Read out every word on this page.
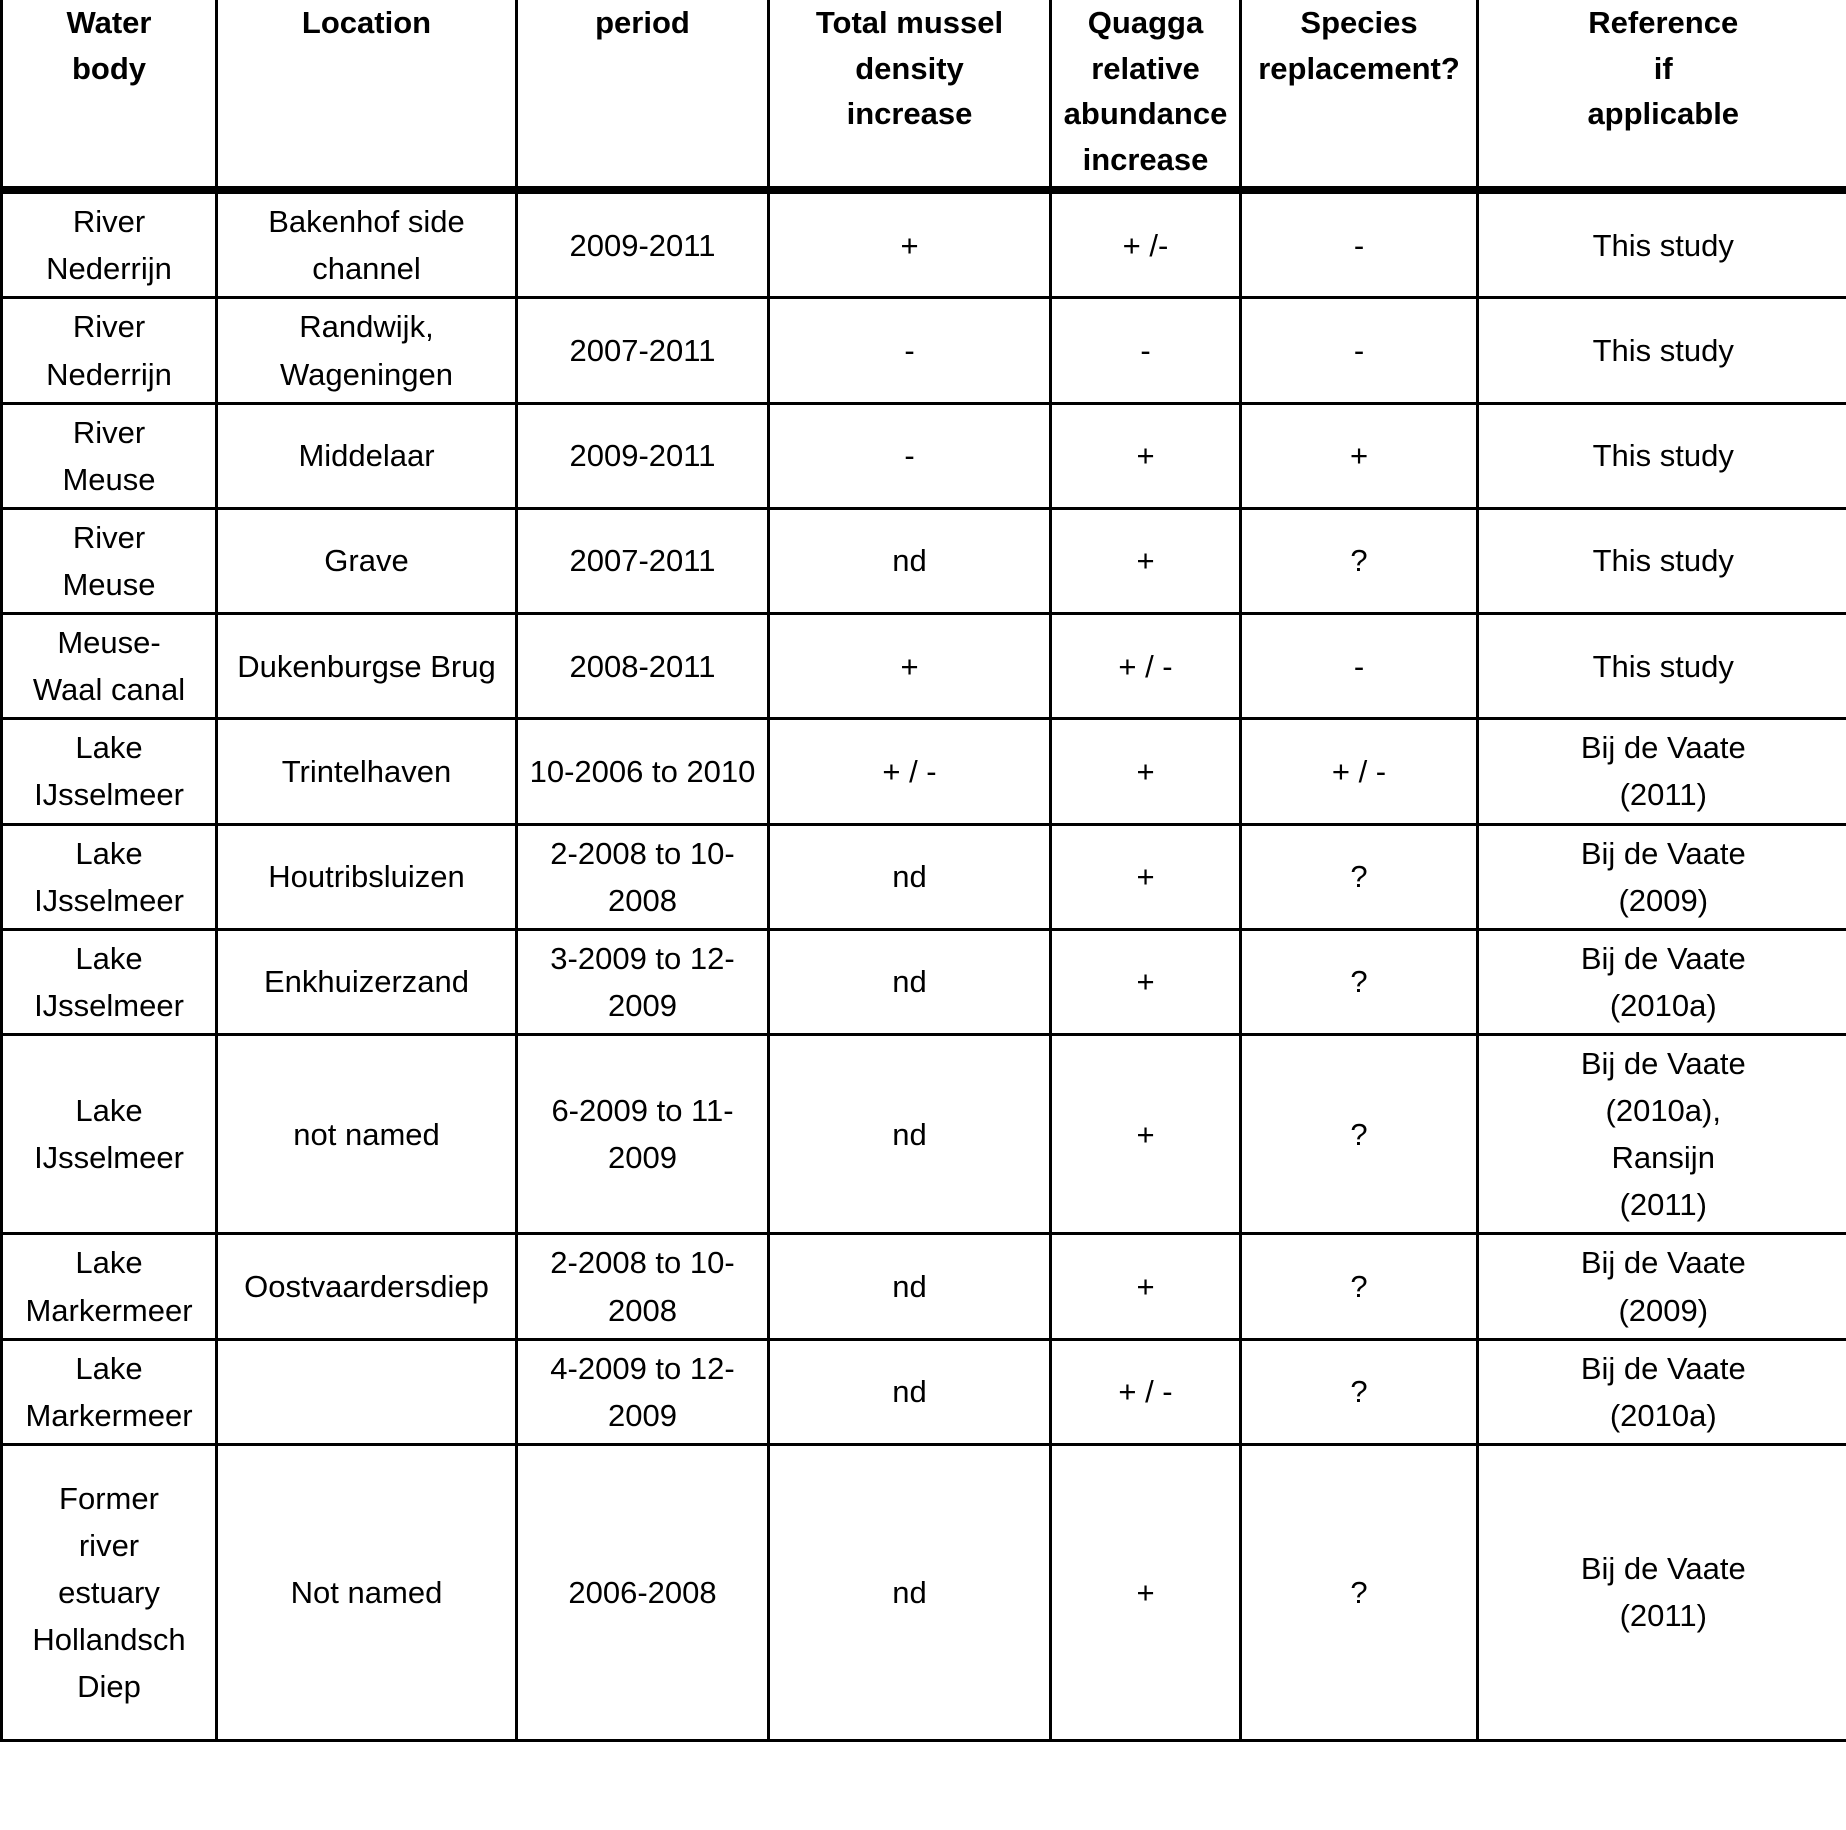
Water
body	Location	period	Total mussel
density
increase	Quagga relative
abundance
increase	Species
replacement?	Reference
if
applicable

River
Nederrijn	Bakenhof side
channel	2009-2011	+	+ /-	-	This study

River
Nederrijn	Randwijk,
Wageningen	2007-2011	-	-	-	This study

River
Meuse	Middelaar	2009-2011	-	+	+	This study

River
Meuse	Grave	2007-2011	nd	+	?	This study

Meuse-
Waal canal	Dukenburgse Brug	2008-2011	+	+ / -	-	This study

Lake
IJsselmeer	Trintelhaven	10-2006 to 2010	+ / -	+	+ / -	Bij de Vaate
(2011)

Lake
IJsselmeer	Houtribsluizen	2-2008 to 10-2008	nd	+	?	Bij de Vaate
(2009)

Lake
IJsselmeer	Enkhuizerzand	3-2009 to 12-2009	nd	+	?	Bij de Vaate
(2010a)

Lake
IJsselmeer	not named	6-2009 to 11-2009	nd	+	?	Bij de Vaate
(2010a),
Ransijn
(2011)

Lake
Markermeer	Oostvaardersdiep	2-2008 to 10-2008	nd	+	?	Bij de Vaate
(2009)

Lake
Markermeer		4-2009 to 12-2009	nd	+ / -	?	Bij de Vaate
(2010a)

Former
river
estuary
Hollandsch
Diep	Not named	2006-2008	nd	+	?	Bij de Vaate
(2011)
